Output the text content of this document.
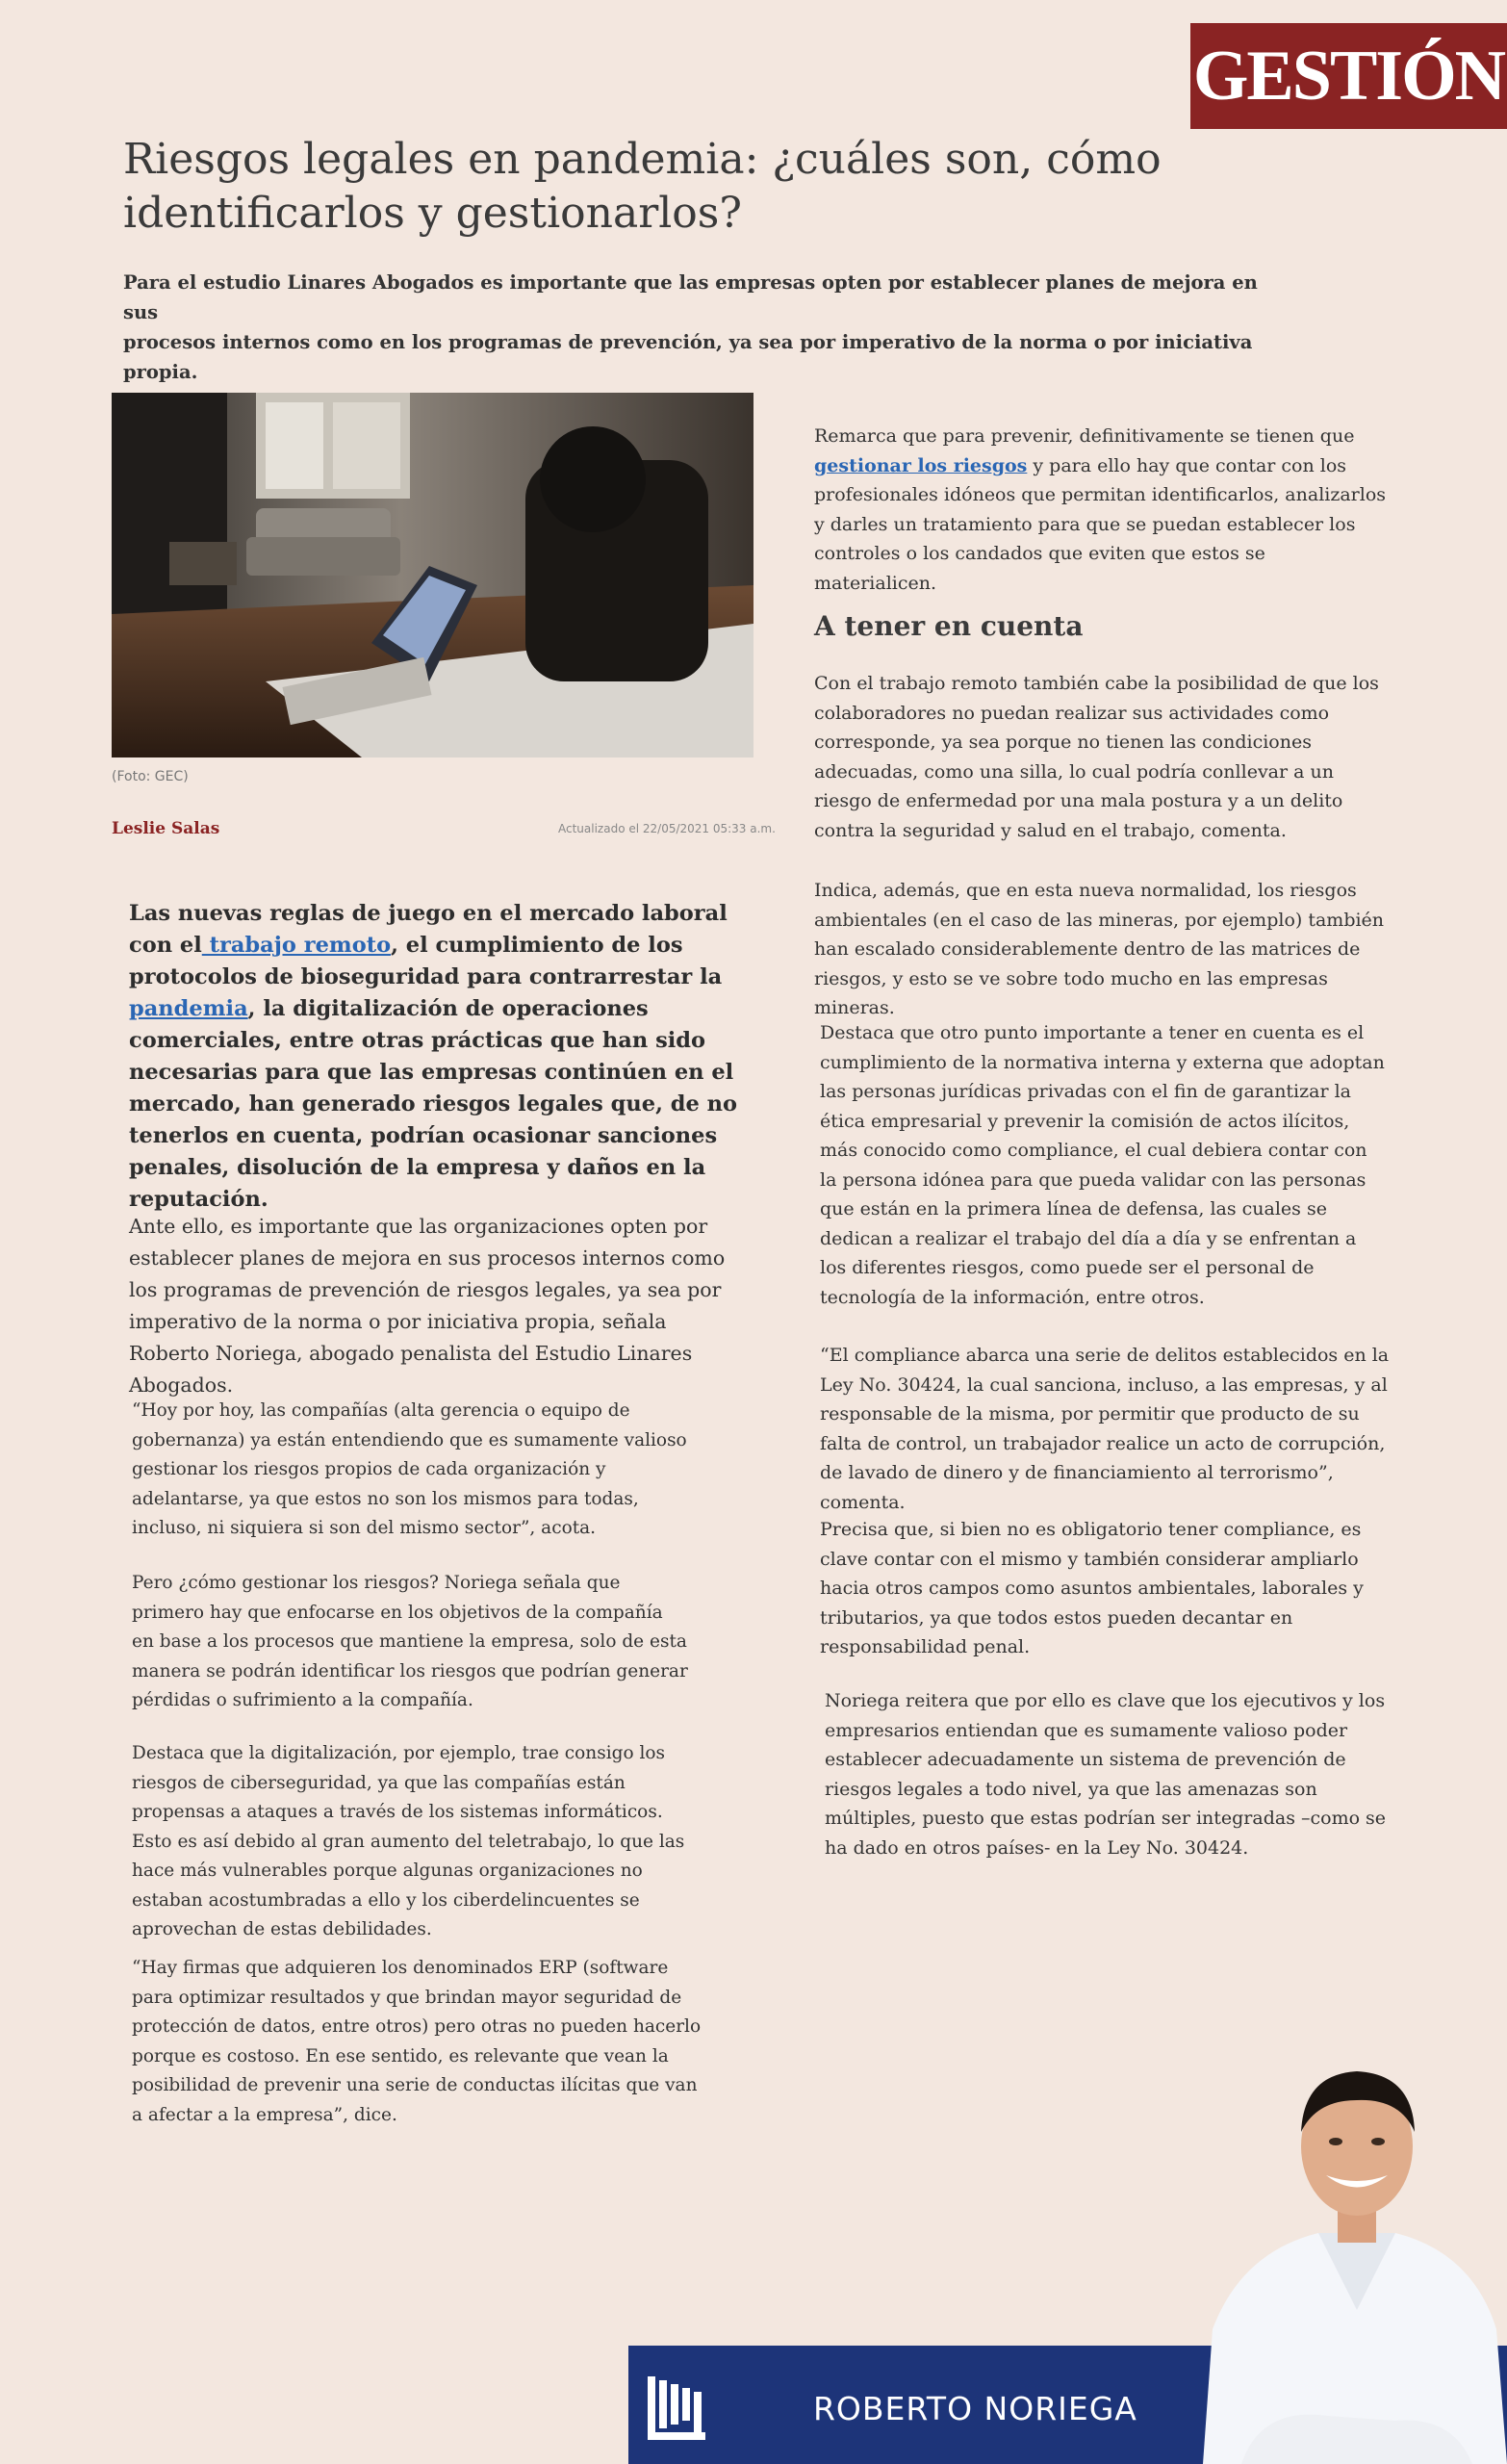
GESTIÓN
Riesgos legales en pandemia: ¿cuáles son, cómo
identificarlos y gestionarlos?
Para el estudio Linares Abogados es importante que las empresas opten por establecer planes de mejora en sus
procesos internos como en los programas de prevención, ya sea por imperativo de la norma o por iniciativa propia.
(Foto: GEC)
Leslie Salas	Actualizado el 22/05/2021 05:33 a.m.

Las nuevas reglas de juego en el mercado laboral con el trabajo remoto, el cumplimiento de los protocolos de bioseguridad para contrarrestar la pandemia, la digitalización de operaciones comerciales, entre otras prácticas que han sido necesarias para que las empresas continúen en el mercado, han generado riesgos legales que, de no tenerlos en cuenta, podrían ocasionar sanciones penales, disolución de la empresa y daños en la reputación.

Ante ello, es importante que las organizaciones opten por establecer planes de mejora en sus procesos internos como los programas de prevención de riesgos legales, ya sea por imperativo de la norma o por iniciativa propia, señala Roberto Noriega, abogado penalista del Estudio Linares Abogados.

“Hoy por hoy, las compañías (alta gerencia o equipo de gobernanza) ya están entendiendo que es sumamente valioso gestionar los riesgos propios de cada organización y adelantarse, ya que estos no son los mismos para todas, incluso, ni siquiera si son del mismo sector”, acota.

Pero ¿cómo gestionar los riesgos? Noriega señala que primero hay que enfocarse en los objetivos de la compañía en base a los procesos que mantiene la empresa, solo de esta manera se podrán identificar los riesgos que podrían generar pérdidas o sufrimiento a la compañía.

Destaca que la digitalización, por ejemplo, trae consigo los riesgos de ciberseguridad, ya que las compañías están propensas a ataques a través de los sistemas informáticos. Esto es así debido al gran aumento del teletrabajo, lo que las hace más vulnerables porque algunas organizaciones no estaban acostumbradas a ello y los ciberdelincuentes se aprovechan de estas debilidades.

“Hay firmas que adquieren los denominados ERP (software para optimizar resultados y que brindan mayor seguridad de protección de datos, entre otros) pero otras no pueden hacerlo porque es costoso. En ese sentido, es relevante que vean la posibilidad de prevenir una serie de conductas ilícitas que van a afectar a la empresa”, dice.

Remarca que para prevenir, definitivamente se tienen que gestionar los riesgos y para ello hay que contar con los profesionales idóneos que permitan identificarlos, analizarlos y darles un tratamiento para que se puedan establecer los controles o los candados que eviten que estos se materialicen.

A tener en cuenta

Con el trabajo remoto también cabe la posibilidad de que los colaboradores no puedan realizar sus actividades como corresponde, ya sea porque no tienen las condiciones adecuadas, como una silla, lo cual podría conllevar a un riesgo de enfermedad por una mala postura y a un delito contra la seguridad y salud en el trabajo, comenta.

Indica, además, que en esta nueva normalidad, los riesgos ambientales (en el caso de las mineras, por ejemplo) también han escalado considerablemente dentro de las matrices de riesgos, y esto se ve sobre todo mucho en las empresas mineras.

Destaca que otro punto importante a tener en cuenta es el cumplimiento de la normativa interna y externa que adoptan las personas jurídicas privadas con el fin de garantizar la ética empresarial y prevenir la comisión de actos ilícitos, más conocido como compliance, el cual debiera contar con la persona idónea para que pueda validar con las personas que están en la primera línea de defensa, las cuales se dedican a realizar el trabajo del día a día y se enfrentan a los diferentes riesgos, como puede ser el personal de tecnología de la información, entre otros.

“El compliance abarca una serie de delitos establecidos en la Ley No. 30424, la cual sanciona, incluso, a las empresas, y al responsable de la misma, por permitir que producto de su falta de control, un trabajador realice un acto de corrupción, de lavado de dinero y de financiamiento al terrorismo”, comenta.

Precisa que, si bien no es obligatorio tener compliance, es clave contar con el mismo y también considerar ampliarlo hacia otros campos como asuntos ambientales, laborales y tributarios, ya que todos estos pueden decantar en responsabilidad penal.

Noriega reitera que por ello es clave que los ejecutivos y los empresarios entiendan que es sumamente valioso poder establecer adecuadamente un sistema de prevención de riesgos legales a todo nivel, ya que las amenazas son múltiples, puesto que estas podrían ser integradas –como se ha dado en otros países- en la Ley No. 30424.

ROBERTO NORIEGA
